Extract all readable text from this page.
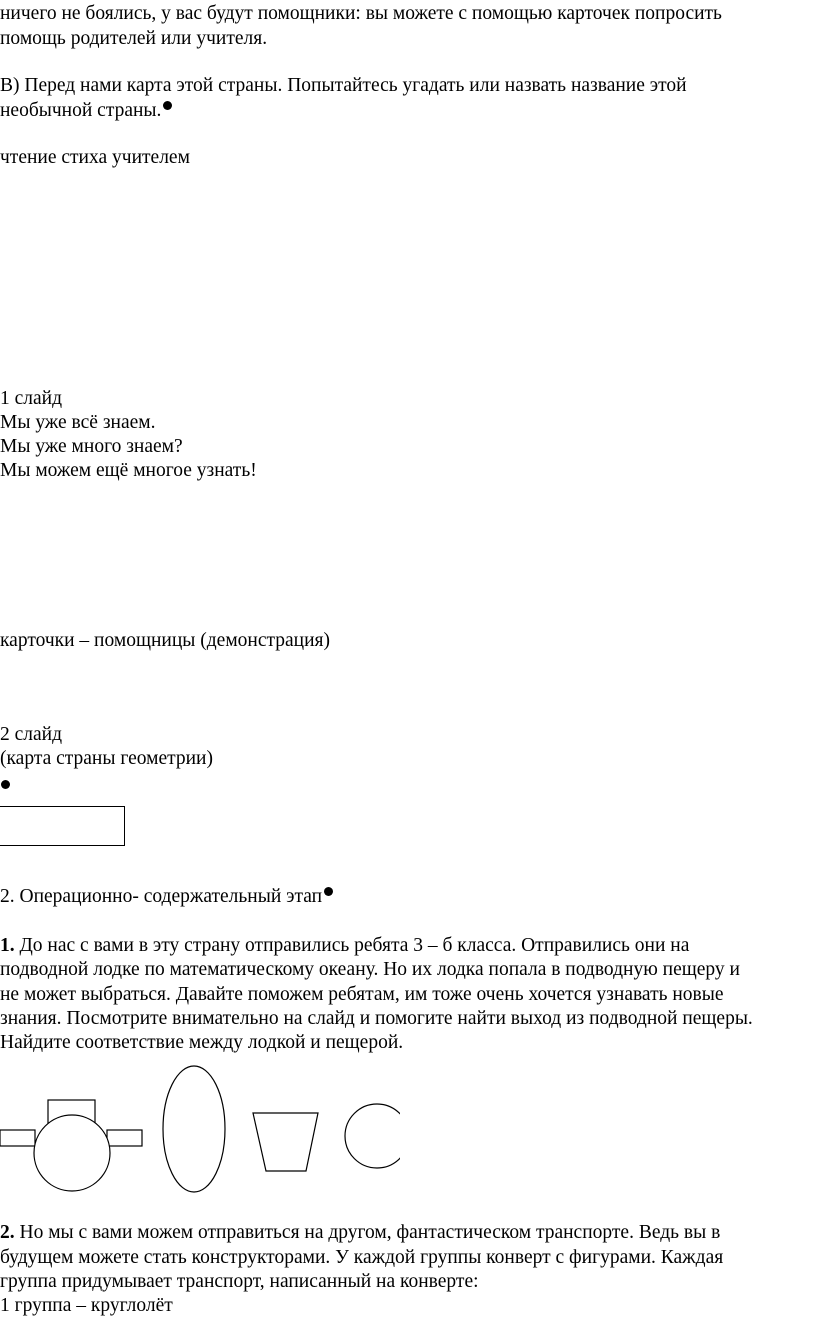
ничего не боялись, у вас будут помощники: вы можете с помощью карточек попросить

помощь родителей или учителя.

В) Перед нами карта этой страны. Попытайтесь угадать или назвать название этой

необычной страны.

чтение стиха учителем

1 слайд

Мы уже всё знаем.

Мы уже много знаем?

Мы можем ещё многое узнать!

карточки – помощницы (демонстрация)

2 слайд

(карта страны геометрии)

2. Операционно- содержательный этап

1. До нас с вами в эту страну отправились ребята 3 – б класса. Отправились они на

подводной лодке по математическому океану. Но их лодка попала в подводную пещеру и

не может выбраться. Давайте поможем ребятам, им тоже очень хочется узнавать новые

знания. Посмотрите внимательно на слайд и помогите найти выход из подводной пещеры.

Найдите соответствие между лодкой и пещерой.

2. Но мы с вами можем отправиться на другом, фантастическом транспорте. Ведь вы в

будущем можете стать конструкторами. У каждой группы конверт с фигурами. Каждая

группа придумывает транспорт, написанный на конверте:

1 группа – круглолёт
